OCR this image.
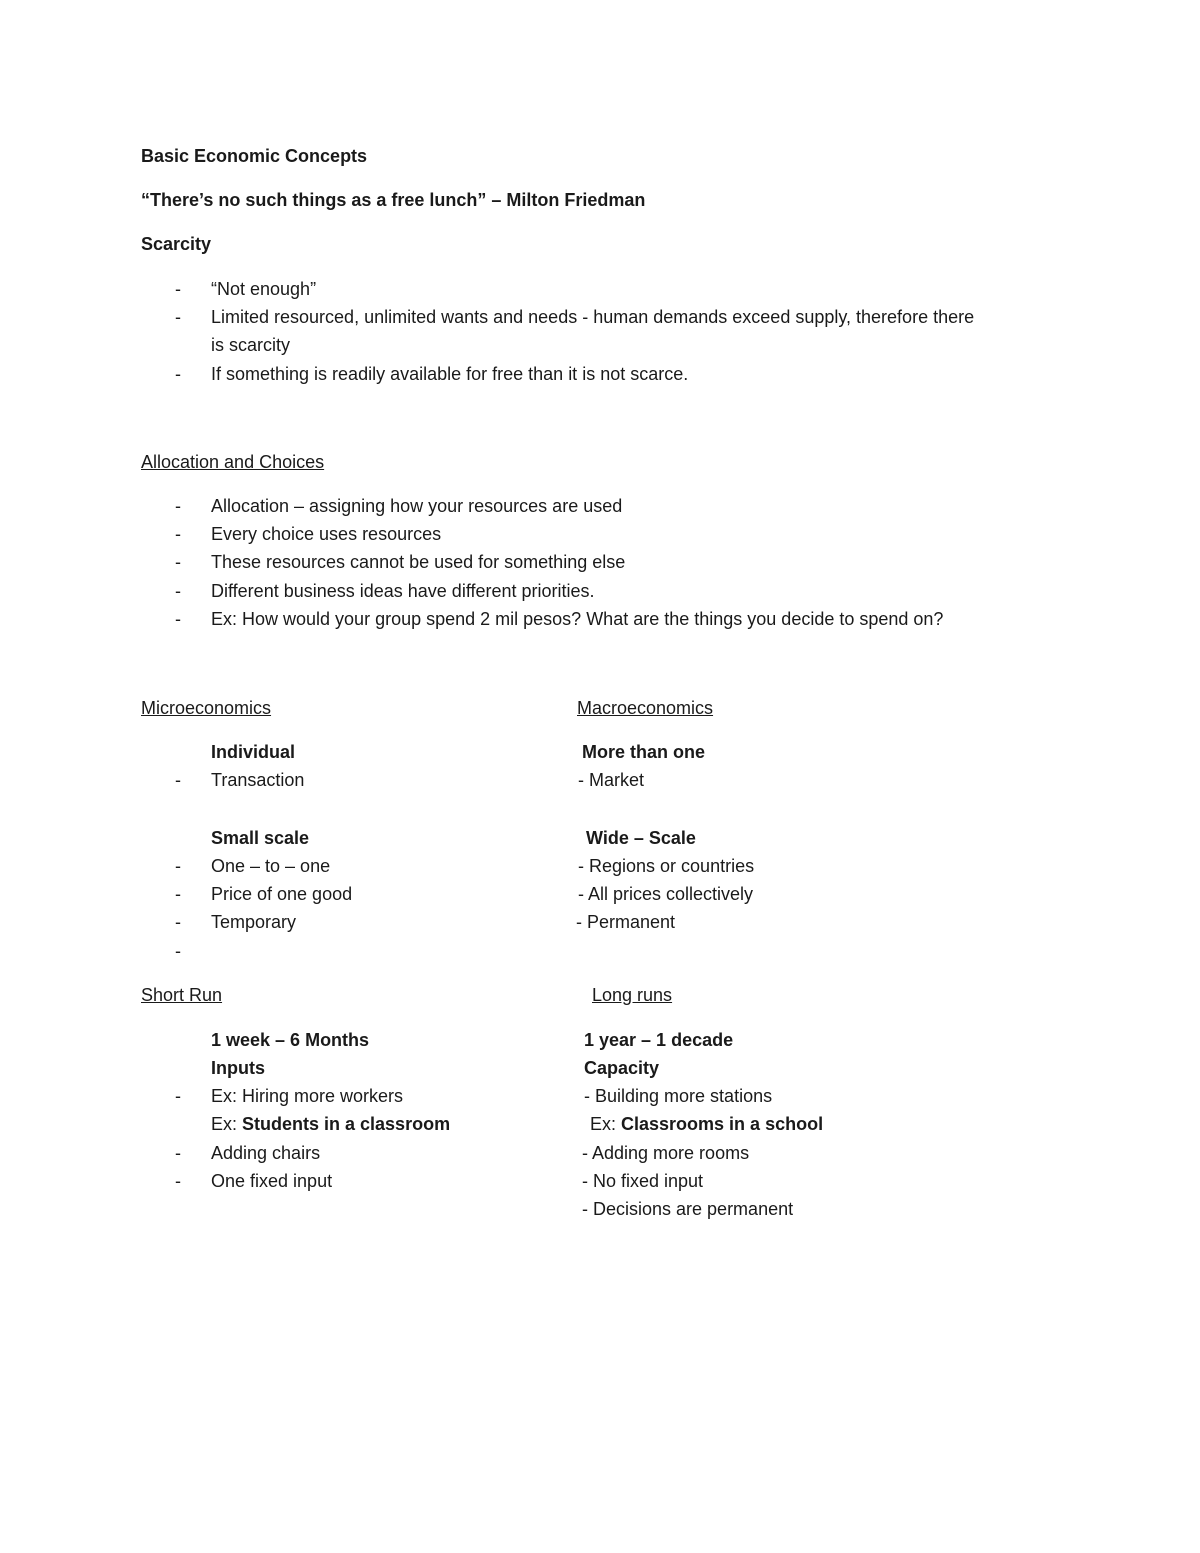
Basic Economic Concepts
“There’s no such things as a free lunch” – Milton Friedman
Scarcity
- “Not enough”
- Limited resourced, unlimited wants and needs - human demands exceed supply, therefore there
is scarcity
- If something is readily available for free than it is not scarce.
Allocation and Choices
- Allocation – assigning how your resources are used
- Every choice uses resources
- These resources cannot be used for something else
- Different business ideas have different priorities.
- Ex: How would your group spend 2 mil pesos? What are the things you decide to spend on?
Microeconomics
Individual
- Transaction
Small scale
- One – to – one
- Price of one good
- Temporary
-
Macroeconomics
More than one
- Market
Wide – Scale
- Regions or countries
- All prices collectively
- Permanent
Short Run
1 week – 6 Months
Inputs
- Ex: Hiring more workers
Ex: Students in a classroom
- Adding chairs
- One fixed input
Long runs
1 year – 1 decade
Capacity
- Building more stations
Ex: Classrooms in a school
- Adding more rooms
- No fixed input
- Decisions are permanent
